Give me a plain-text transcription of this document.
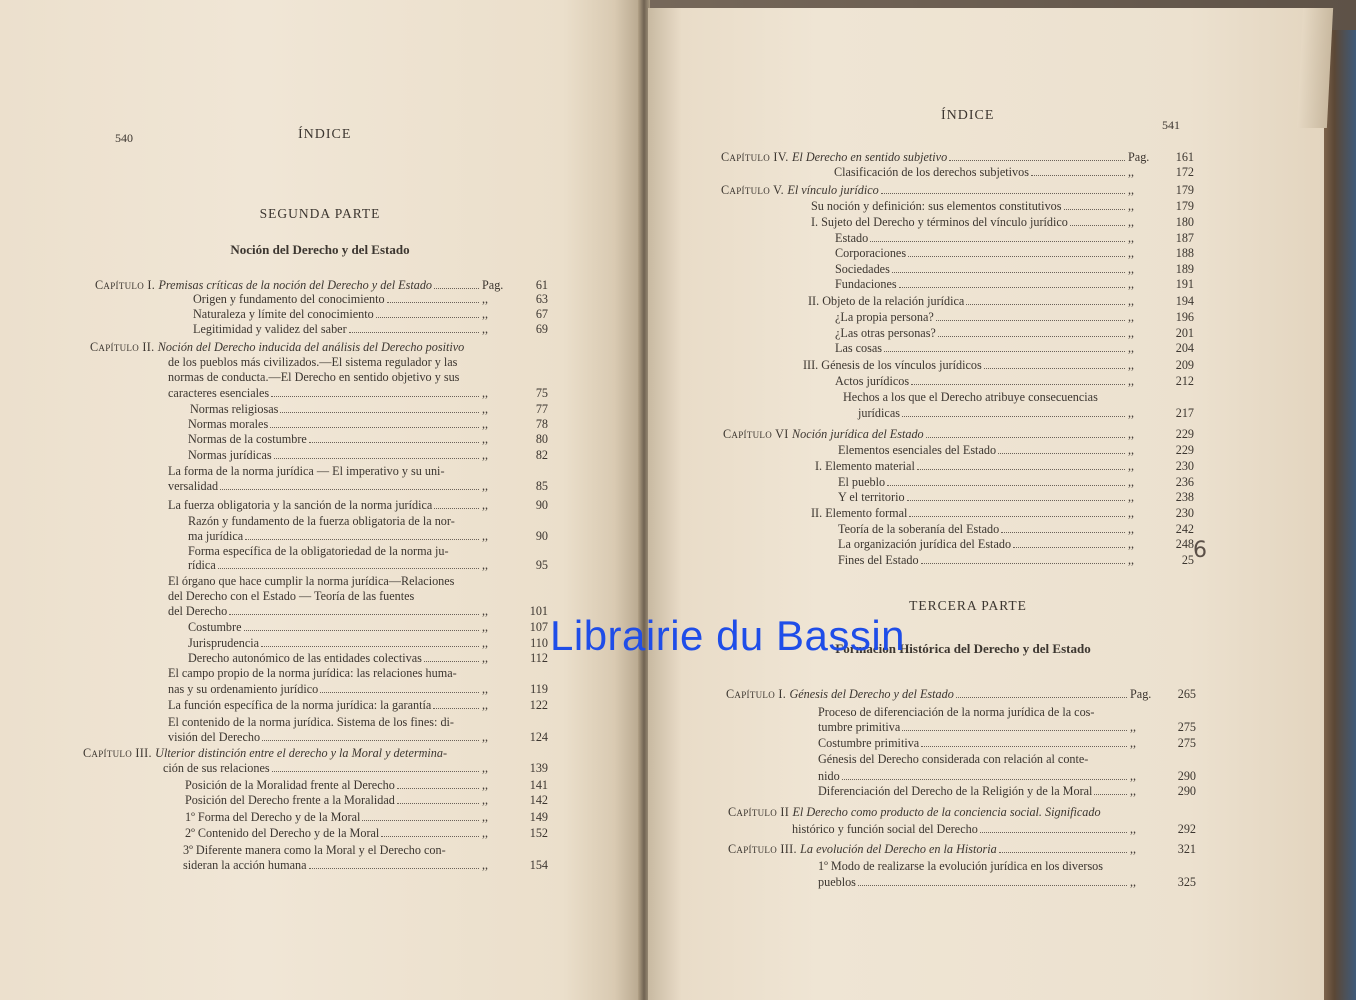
540	ÍNDICE
SEGUNDA PARTE
Noción del Derecho y del Estado
Capítulo I. Premisas críticas de la noción del Derecho y del Estado	Pag.	61
Origen y fundamento del conocimiento	,,	63
Naturaleza y límite del conocimiento	,,	67
Legitimidad y validez del saber	,,	69
Capítulo II. Noción del Derecho inducida del análisis del Derecho positivo
de los pueblos más civilizados.—El sistema regulador y las
normas de conducta.—El Derecho en sentido objetivo y sus
caracteres esenciales	,,	75
Normas religiosas	,,	77
Normas morales	,,	78
Normas de la costumbre	,,	80
Normas jurídicas	,,	82
La forma de la norma jurídica — El imperativo y su uni-
versalidad	,,	85
La fuerza obligatoria y la sanción de la norma jurídica	,,	90
Razón y fundamento de la fuerza obligatoria de la nor-
ma jurídica	,,	90
Forma específica de la obligatoriedad de la norma ju-
rídica	,,	95
El órgano que hace cumplir la norma jurídica—Relaciones
del Derecho con el Estado — Teoría de las fuentes
del Derecho	,,	101
Costumbre	,,	107
Jurisprudencia	,,	110
Derecho autonómico de las entidades colectivas	,,	112
El campo propio de la norma jurídica: las relaciones huma-
nas y su ordenamiento jurídico	,,	119
La función específica de la norma jurídica: la garantía	,,	122
El contenido de la norma jurídica. Sistema de los fines: di-
visión del Derecho	,,	124
Capítulo III. Ulterior distinción entre el derecho y la Moral y determina-
ción de sus relaciones	,,	139
Posición de la Moralidad frente al Derecho	,,	141
Posición del Derecho frente a la Moralidad	,,	142
1º Forma del Derecho y de la Moral	,,	149
2º Contenido del Derecho y de la Moral	,,	152
3º Diferente manera como la Moral y el Derecho con-
sideran la acción humana	,,	154
ÍNDICE
541
TERCERA PARTE
Formación Histórica del Derecho y del Estado
Capítulo IV. El Derecho en sentido subjetivo	Pag.	161
Clasificación de los derechos subjetivos	,,	172
Capítulo V. El vínculo jurídico	,,	179
Su noción y definición: sus elementos constitutivos	,,	179
I. Sujeto del Derecho y términos del vínculo jurídico	,,	180
Estado	,,	187
Corporaciones	,,	188
Sociedades	,,	189
Fundaciones	,,	191
II. Objeto de la relación jurídica	,,	194
¿La propia persona?	,,	196
¿Las otras personas?	,,	201
Las cosas	,,	204
III. Génesis de los vínculos jurídicos	,,	209
Actos jurídicos	,,	212
Hechos a los que el Derecho atribuye consecuencias
jurídicas	,,	217
Capítulo VI Noción jurídica del Estado	,,	229
Elementos esenciales del Estado	,,	229
I. Elemento material	,,	230
El pueblo	,,	236
Y el territorio	,,	238
II. Elemento formal	,,	230
Teoría de la soberanía del Estado	,,	242
La organización jurídica del Estado	,,	248
Fines del Estado	,,	25
Capítulo I. Génesis del Derecho y del Estado	Pag.	265
Proceso de diferenciación de la norma jurídica de la cos-
tumbre primitiva	,,	275
Costumbre primitiva	,,	275
Génesis del Derecho considerada con relación al conte-
nido	,,	290
Diferenciación del Derecho de la Religión y de la Moral	,,	290
Capítulo II El Derecho como producto de la conciencia social. Significado
histórico y función social del Derecho	,,	292
Capítulo III. La evolución del Derecho en la Historia	,,	321
1º Modo de realizarse la evolución jurídica en los diversos
pueblos	,,	325
6
Librairie du Bassin
